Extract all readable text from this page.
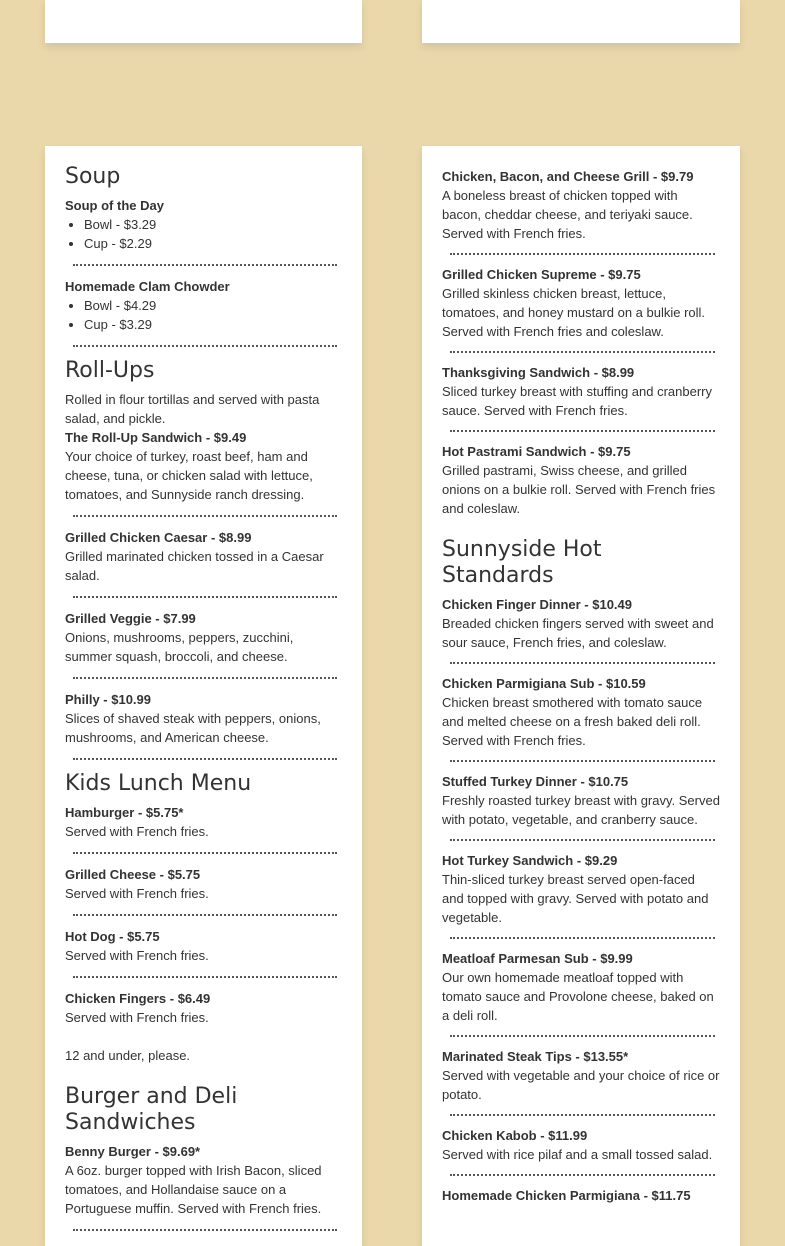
Soup

Soup of the Day

• Bowl - $3.29
• Cup - $2.29

Homemade Clam Chowder

• Bowl - $4.29
• Cup - $3.29
Roll-Ups

Rolled in flour tortillas and served with pasta salad, and pickle.

The Roll-Up Sandwich - $9.49

Your choice of turkey, roast beef, ham and cheese, tuna, or chicken salad with lettuce, tomatoes, and Sunnyside ranch dressing.

Grilled Chicken Caesar - $8.99

Grilled marinated chicken tossed in a Caesar salad.

Grilled Veggie - $7.99

Onions, mushrooms, peppers, zucchini, summer squash, broccoli, and cheese.

Philly - $10.99

Slices of shaved steak with peppers, onions, mushrooms, and American cheese.

Kids Lunch Menu

Hamburger - $5.75*

Served with French fries.

Grilled Cheese - $5.75

Served with French fries.

Hot Dog - $5.75

Served with French fries.

Chicken Fingers - $6.49

Served with French fries.

12 and under, please.

Burger and Deli Sandwiches

Benny Burger - $9.69*

A 6oz. burger topped with Irish Bacon, sliced tomatoes, and Hollandaise sauce on a Portuguese muffin. Served with French fries.

Chicken, Bacon, and Cheese Grill - $9.79

A boneless breast of chicken topped with bacon, cheddar cheese, and teriyaki sauce. Served with French fries.

Grilled Chicken Supreme - $9.75

Grilled skinless chicken breast, lettuce, tomatoes, and honey mustard on a bulkie roll. Served with French fries and coleslaw.

Thanksgiving Sandwich - $8.99

Sliced turkey breast with stuffing and cranberry sauce. Served with French fries.

Hot Pastrami Sandwich - $9.75

Grilled pastrami, Swiss cheese, and grilled onions on a bulkie roll. Served with French fries and coleslaw.

Sunnyside Hot Standards

Chicken Finger Dinner - $10.49

Breaded chicken fingers served with sweet and sour sauce, French fries, and coleslaw.

Chicken Parmigiana Sub - $10.59

Chicken breast smothered with tomato sauce and melted cheese on a fresh baked deli roll. Served with French fries.

Stuffed Turkey Dinner - $10.75

Freshly roasted turkey breast with gravy. Served with potato, vegetable, and cranberry sauce.

Hot Turkey Sandwich - $9.29

Thin-sliced turkey breast served open-faced and topped with gravy. Served with potato and vegetable.

Meatloaf Parmesan Sub - $9.99

Our own homemade meatloaf topped with tomato sauce and Provolone cheese, baked on a deli roll.

Marinated Steak Tips - $13.55*

Served with vegetable and your choice of rice or potato.

Chicken Kabob - $11.99

Served with rice pilaf and a small tossed salad.

Homemade Chicken Parmigiana - $11.75
